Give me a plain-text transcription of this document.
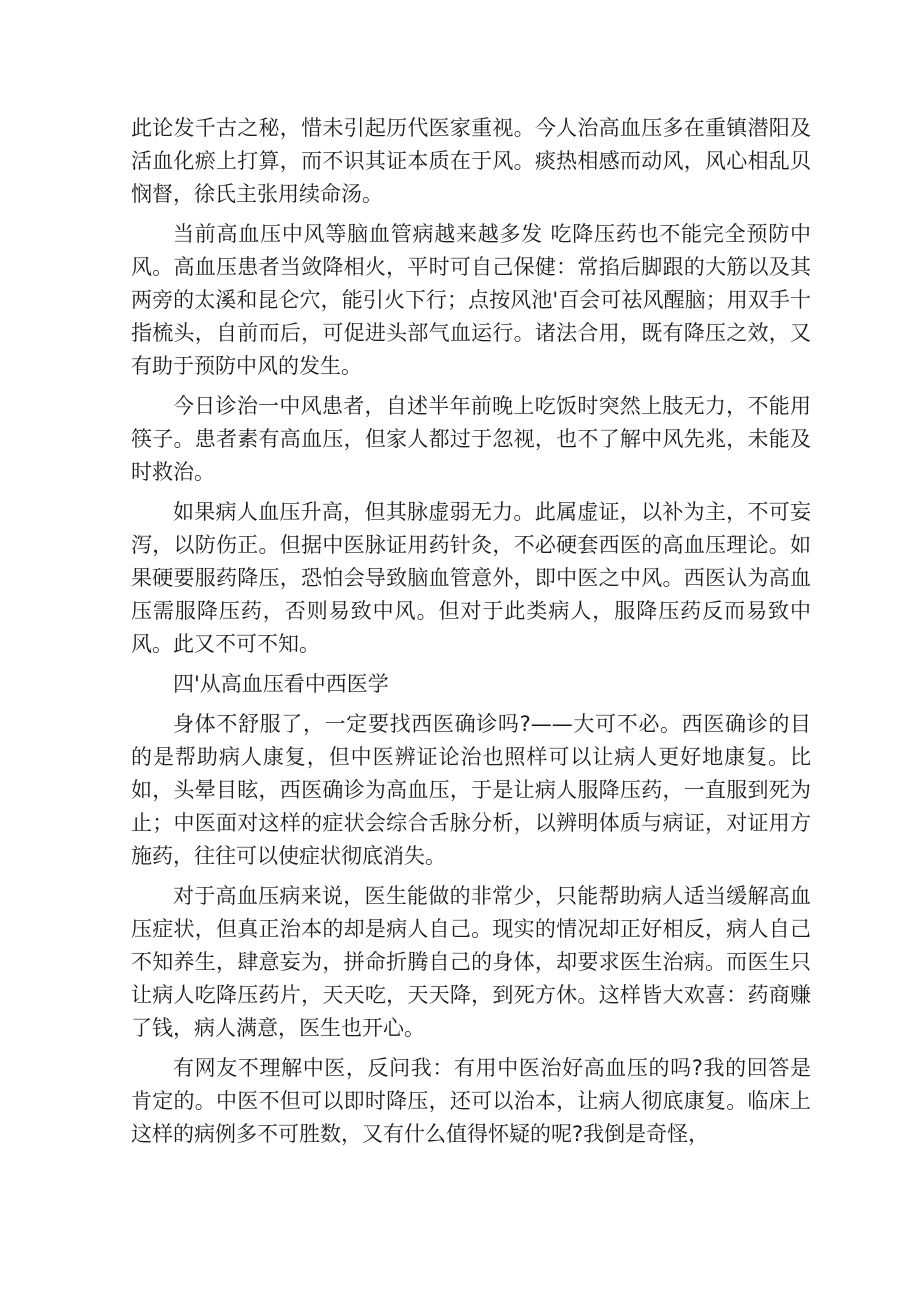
此论发千古之秘，惜未引起历代医家重视。今人治高血压多在重镇潜阳及活血化瘀上打算，而不识其证本质在于风。痰热相感而动风，风心相乱贝悯督，徐氏主张用续命汤。

当前高血压中风等脑血管病越来越多发 吃降压药也不能完全预防中风。高血压患者当敛降相火，平时可自己保健：常掐后脚跟的大筋以及其两旁的太溪和昆仑穴，能引火下行；点按风池'百会可祛风醒脑；用双手十指梳头，自前而后，可促进头部气血运行。诸法合用，既有降压之效，又有助于预防中风的发生。

今日诊治一中风患者，自述半年前晚上吃饭时突然上肢无力，不能用筷子。患者素有高血压，但家人都过于忽视，也不了解中风先兆，未能及时救治。

如果病人血压升高，但其脉虚弱无力。此属虚证，以补为主，不可妄泻，以防伤正。但据中医脉证用药针灸，不必硬套西医的高血压理论。如果硬要服药降压，恐怕会导致脑血管意外，即中医之中风。西医认为高血压需服降压药，否则易致中风。但对于此类病人，服降压药反而易致中风。此又不可不知。

四'从高血压看中西医学

身体不舒服了，一定要找西医确诊吗?——大可不必。西医确诊的目的是帮助病人康复，但中医辨证论治也照样可以让病人更好地康复。比如，头晕目眩，西医确诊为高血压，于是让病人服降压药，一直服到死为止；中医面对这样的症状会综合舌脉分析，以辨明体质与病证，对证用方施药，往往可以使症状彻底消失。

对于高血压病来说，医生能做的非常少，只能帮助病人适当缓解高血压症状，但真正治本的却是病人自己。现实的情况却正好相反，病人自己不知养生，肆意妄为，拼命折腾自己的身体，却要求医生治病。而医生只让病人吃降压药片，天天吃，天天降，到死方休。这样皆大欢喜：药商赚了钱，病人满意，医生也开心。

有网友不理解中医，反问我：有用中医治好高血压的吗?我的回答是肯定的。中医不但可以即时降压，还可以治本，让病人彻底康复。临床上这样的病例多不可胜数，又有什么值得怀疑的呢?我倒是奇怪，
